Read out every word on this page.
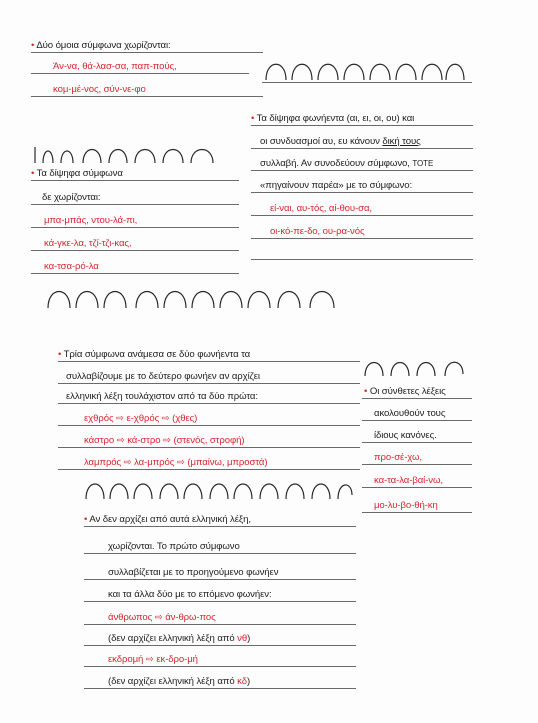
• Δύο όμοια σύμφωνα χωρίζονται:
Άν-να, θά-λασ-σα, παπ-πούς,
κομ-μέ-νος, σύν-νε-φο
• Τα δίψηφα φωνήεντα (αι, ει, οι, ου) και
οι συνδυασμοί αυ, ευ κάνουν δική τους
συλλαβή. Αν συνοδεύουν σύμφωνο, ΤΟΤΕ
«πηγαίνουν παρέα» με το σύμφωνο:
εί-ναι, αυ-τός, αί-θου-σα,
οι-κό-πε-δο, ου-ρα-νός
• Τα δίψηφα σύμφωνα
δε χωρίζονται:
μπα-μπάς, ντου-λά-πι,
κά-γκε-λα, τζί-τζι-κας,
κα-τσα-ρό-λα
• Τρία σύμφωνα ανάμεσα σε δύο φωνήεντα τα
συλλαβίζουμε με το δεύτερο φωνήεν αν αρχίζει
ελληνική λέξη τουλάχιστον από τα δύο πρώτα:
εχθρός ⇨ ε-χθρός ⇨ (χθες)
κάστρο ⇨ κά-στρο ⇨ (στενός, στροφή)
λαμπρός ⇨ λα-μπρός ⇨ (μπαίνω, μπροστά)
• Οι σύνθετες λέξεις
ακολουθούν τους
ίδιους κανόνες.
προ-σέ-χω,
κα-τα-λα-βαί-νω,
μο-λυ-βο-θή-κη
• Αν δεν αρχίζει από αυτά ελληνική λέξη,
χωρίζονται. Το πρώτο σύμφωνο
συλλαβίζεται με το προηγούμενο φωνήεν
και τα άλλα δύο με το επόμενο φωνήεν:
άνθρωπος ⇨ άν-θρω-πος
(δεν αρχίζει ελληνική λέξη από νθ)
εκδρομή ⇨ εκ-δρο-μή
(δεν αρχίζει ελληνική λέξη από κδ)
